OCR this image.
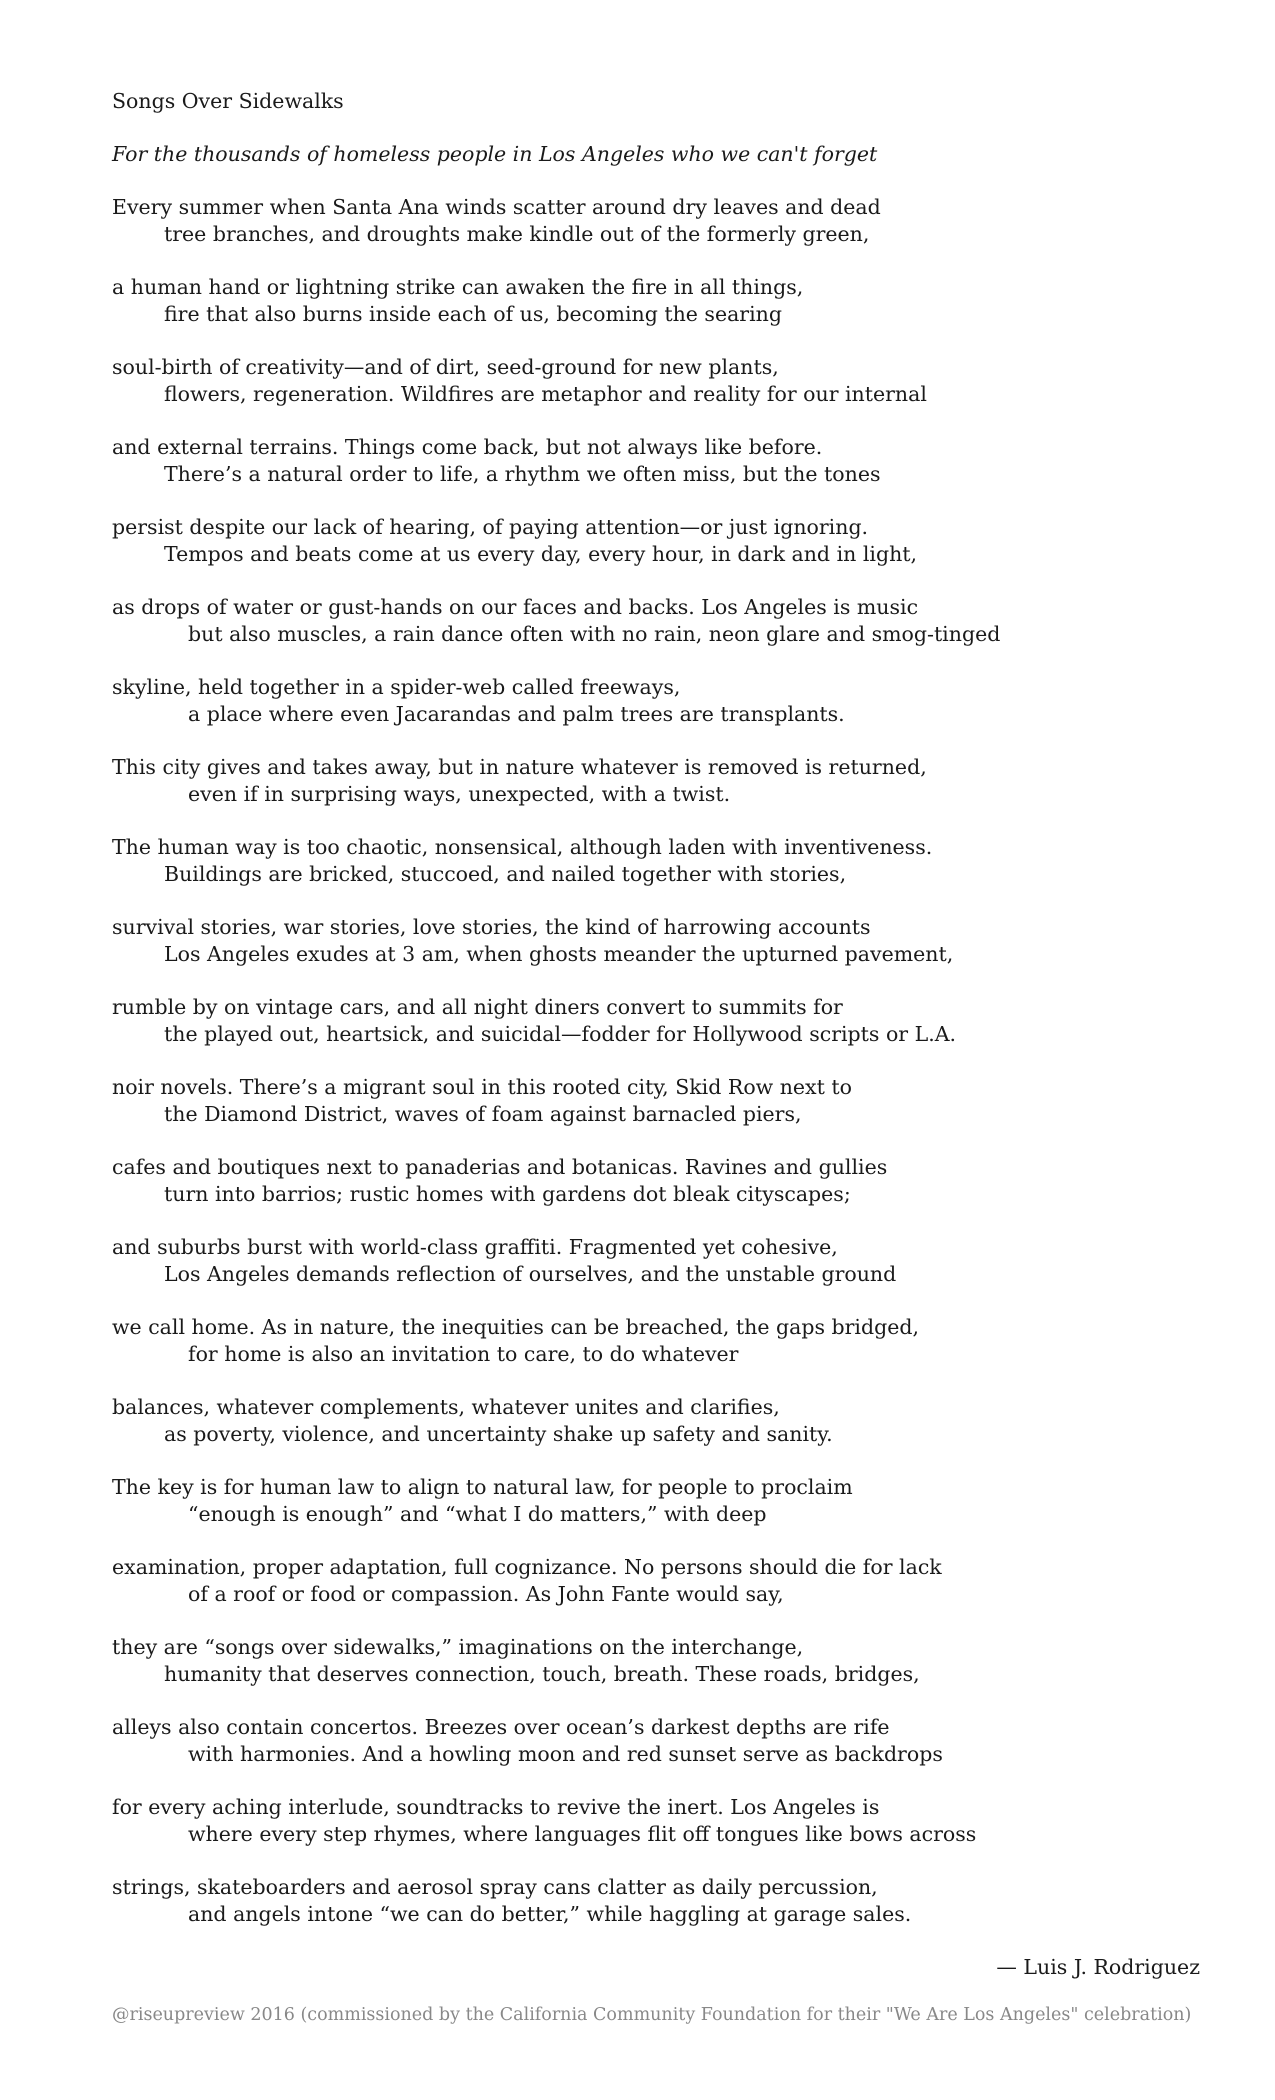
Songs Over Sidewalks
For the thousands of homeless people in Los Angeles who we can't forget
Every summer when Santa Ana winds scatter around dry leaves and dead
tree branches, and droughts make kindle out of the formerly green,
a human hand or lightning strike can awaken the fire in all things,
fire that also burns inside each of us, becoming the searing
soul-birth of creativity—and of dirt, seed-ground for new plants,
flowers, regeneration. Wildfires are metaphor and reality for our internal
and external terrains. Things come back, but not always like before.
There’s a natural order to life, a rhythm we often miss, but the tones
persist despite our lack of hearing, of paying attention—or just ignoring.
Tempos and beats come at us every day, every hour, in dark and in light,
as drops of water or gust-hands on our faces and backs. Los Angeles is music
but also muscles, a rain dance often with no rain, neon glare and smog-tinged
skyline, held together in a spider-web called freeways,
a place where even Jacarandas and palm trees are transplants.
This city gives and takes away, but in nature whatever is removed is returned,
even if in surprising ways, unexpected, with a twist.
The human way is too chaotic, nonsensical, although laden with inventiveness.
Buildings are bricked, stuccoed, and nailed together with stories,
survival stories, war stories, love stories, the kind of harrowing accounts
Los Angeles exudes at 3 am, when ghosts meander the upturned pavement,
rumble by on vintage cars, and all night diners convert to summits for
the played out, heartsick, and suicidal—fodder for Hollywood scripts or L.A.
noir novels. There’s a migrant soul in this rooted city, Skid Row next to
the Diamond District, waves of foam against barnacled piers,
cafes and boutiques next to panaderias and botanicas. Ravines and gullies
turn into barrios; rustic homes with gardens dot bleak cityscapes;
and suburbs burst with world-class graffiti. Fragmented yet cohesive,
Los Angeles demands reflection of ourselves, and the unstable ground
we call home. As in nature, the inequities can be breached, the gaps bridged,
for home is also an invitation to care, to do whatever
balances, whatever complements, whatever unites and clarifies,
as poverty, violence, and uncertainty shake up safety and sanity.
The key is for human law to align to natural law, for people to proclaim
“enough is enough” and “what I do matters,” with deep
examination, proper adaptation, full cognizance. No persons should die for lack
of a roof or food or compassion. As John Fante would say,
they are “songs over sidewalks,” imaginations on the interchange,
humanity that deserves connection, touch, breath. These roads, bridges,
alleys also contain concertos. Breezes over ocean’s darkest depths are rife
with harmonies. And a howling moon and red sunset serve as backdrops
for every aching interlude, soundtracks to revive the inert. Los Angeles is
where every step rhymes, where languages flit off tongues like bows across
strings, skateboarders and aerosol spray cans clatter as daily percussion,
and angels intone “we can do better,” while haggling at garage sales.
— Luis J. Rodriguez
@riseupreview 2016 (commissioned by the California Community Foundation for their "We Are Los Angeles" celebration)
